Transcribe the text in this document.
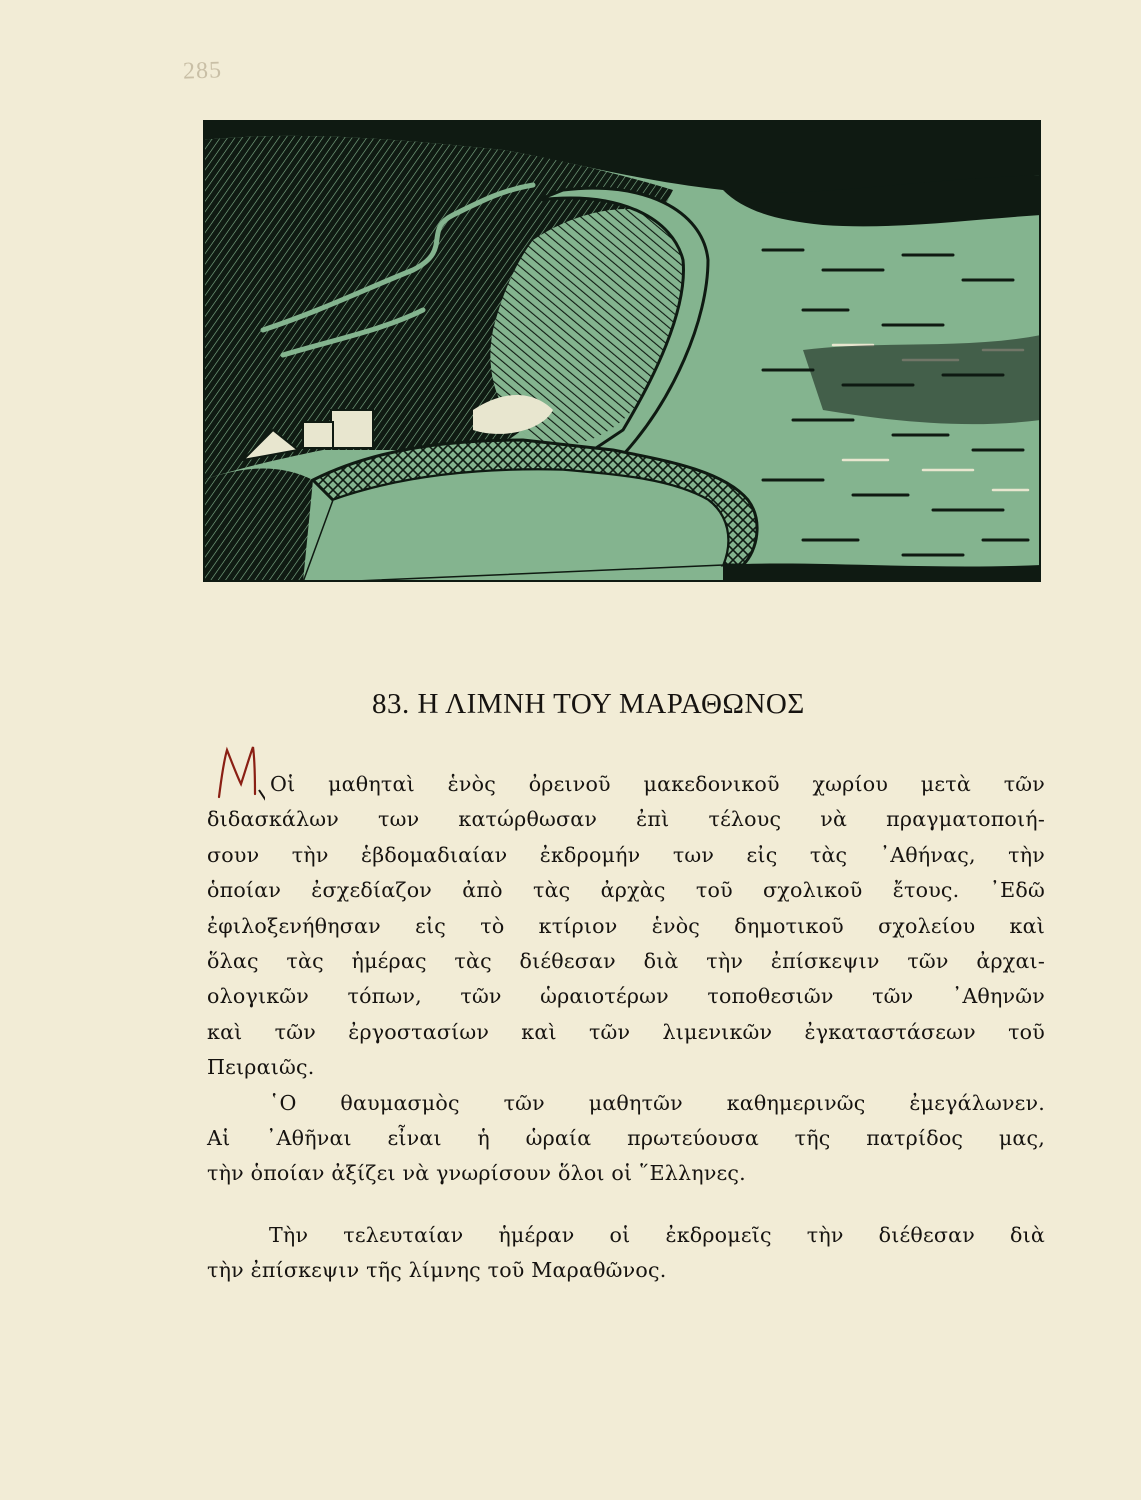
285
83. Η ΛΙΜΝΗ ΤΟΥ ΜΑΡΑΘΩΝΟΣ

Οἱ μαθηταὶ ἑνὸς ὀρεινοῦ μακεδονικοῦ χωρίου μετὰ τῶν
διδασκάλων των κατώρθωσαν ἐπὶ τέλους νὰ πραγματοποιή-
σουν τὴν ἑβδομαδιαίαν ἐκδρομήν των εἰς τὰς ᾿Αθήνας, τὴν
ὁποίαν ἐσχεδίαζον ἀπὸ τὰς ἀρχὰς τοῦ σχολικοῦ ἔτους. ᾿Εδῶ
ἐφιλοξενήθησαν εἰς τὸ κτίριον ἑνὸς δημοτικοῦ σχολείου καὶ
ὅλας τὰς ἡμέρας τὰς διέθεσαν διὰ τὴν ἐπίσκεψιν τῶν ἀρχαι-
ολογικῶν τόπων, τῶν ὡραιοτέρων τοποθεσιῶν τῶν ᾿Αθηνῶν
καὶ τῶν ἐργοστασίων καὶ τῶν λιμενικῶν ἐγκαταστάσεων τοῦ
Πειραιῶς.

῾Ο θαυμασμὸς τῶν μαθητῶν καθημερινῶς ἐμεγάλωνεν.
Αἱ ᾿Αθῆναι εἶναι ἡ ὡραία πρωτεύουσα τῆς πατρίδος μας,
τὴν ὁποίαν ἀξίζει νὰ γνωρίσουν ὅλοι οἱ ῞Ελληνες.

Τὴν τελευταίαν ἡμέραν οἱ ἐκδρομεῖς τὴν διέθεσαν διὰ
τὴν ἐπίσκεψιν τῆς λίμνης τοῦ Μαραθῶνος.
